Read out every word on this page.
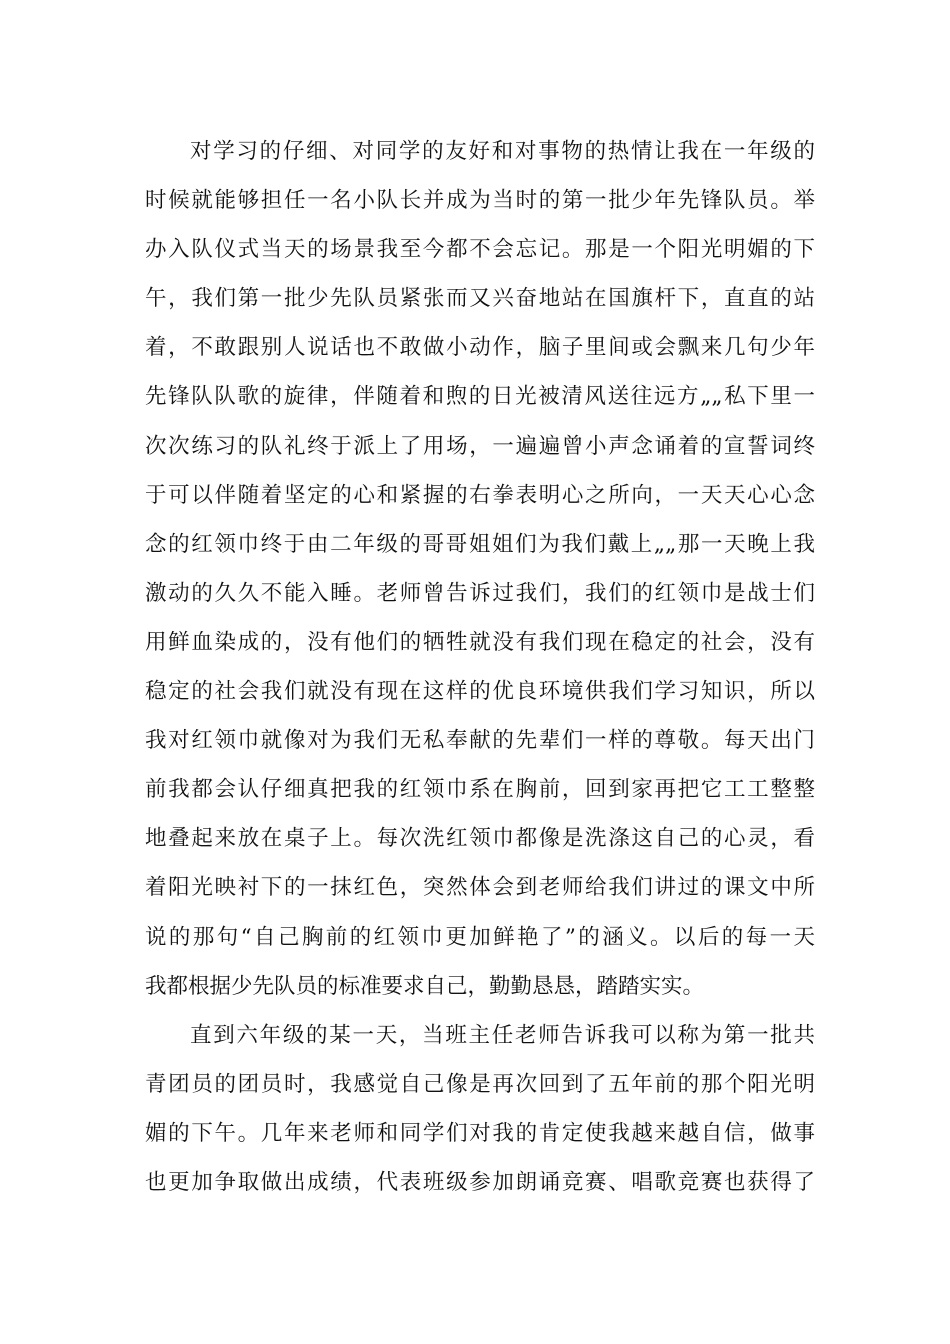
对学习的仔细、对同学的友好和对事物的热情让我在一年级的
时候就能够担任一名小队长并成为当时的第一批少年先锋队员。举
办入队仪式当天的场景我至今都不会忘记。那是一个阳光明媚的下
午，我们第一批少先队员紧张而又兴奋地站在国旗杆下，直直的站
着，不敢跟别人说话也不敢做小动作，脑子里间或会飘来几句少年
先锋队队歌的旋律，伴随着和煦的日光被清风送往远方„„私下里一
次次练习的队礼终于派上了用场，一遍遍曾小声念诵着的宣誓词终
于可以伴随着坚定的心和紧握的右拳表明心之所向，一天天心心念
念的红领巾终于由二年级的哥哥姐姐们为我们戴上„„那一天晚上我
激动的久久不能入睡。老师曾告诉过我们，我们的红领巾是战士们
用鲜血染成的，没有他们的牺牲就没有我们现在稳定的社会，没有
稳定的社会我们就没有现在这样的优良环境供我们学习知识，所以
我对红领巾就像对为我们无私奉献的先辈们一样的尊敬。每天出门
前我都会认仔细真把我的红领巾系在胸前，回到家再把它工工整整
地叠起来放在桌子上。每次洗红领巾都像是洗涤这自己的心灵，看
着阳光映衬下的一抹红色，突然体会到老师给我们讲过的课文中所
说的那句“自己胸前的红领巾更加鲜艳了”的涵义。以后的每一天
我都根据少先队员的标准要求自己，勤勤恳恳，踏踏实实。
直到六年级的某一天，当班主任老师告诉我可以称为第一批共
青团员的团员时，我感觉自己像是再次回到了五年前的那个阳光明
媚的下午。几年来老师和同学们对我的肯定使我越来越自信，做事
也更加争取做出成绩，代表班级参加朗诵竞赛、唱歌竞赛也获得了
